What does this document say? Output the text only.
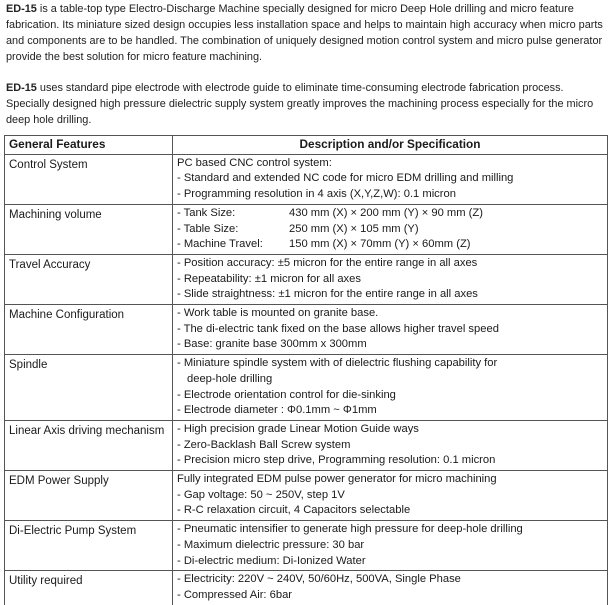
ED-15 is a table-top type Electro-Discharge Machine specially designed for micro Deep Hole drilling and micro feature fabrication. Its miniature sized design occupies less installation space and helps to maintain high accuracy when micro parts and components are to be handled. The combination of uniquely designed motion control system and micro pulse generator provide the best solution for micro feature machining.
ED-15 uses standard pipe electrode with electrode guide to eliminate time-consuming electrode fabrication process. Specially designed high pressure dielectric supply system greatly improves the machining process especially for the micro deep hole drilling.
General Features	Description and/or Specification
Control System	PC based CNC control system:
- Standard and extended NC code for micro EDM drilling and milling
- Programming resolution in 4 axis (X,Y,Z,W): 0.1 micron

Machining volume	- Tank Size: 430 mm (X) × 200 mm (Y) × 90 mm (Z)
- Table Size: 250 mm (X) × 105 mm (Y)
- Machine Travel: 150 mm (X) × 70mm (Y) × 60mm (Z)

Travel Accuracy	- Position accuracy: ±5 micron for the entire range in all axes
- Repeatability: ±1 micron for all axes
- Slide straightness: ±1 micron for the entire range in all axes

Machine Configuration	- Work table is mounted on granite base.
- The di-electric tank fixed on the base allows higher travel speed
- Base: granite base 300mm x 300mm

Spindle	- Miniature spindle system with of dielectric flushing capability for
deep-hole drilling
- Electrode orientation control for die-sinking
- Electrode diameter : Φ0.1mm ~ Φ1mm

Linear Axis driving mechanism	- High precision grade Linear Motion Guide ways
- Zero-Backlash Ball Screw system
- Precision micro step drive, Programming resolution: 0.1 micron

EDM Power Supply	Fully integrated EDM pulse power generator for micro machining
- Gap voltage: 50 ~ 250V, step 1V
- R-C relaxation circuit, 4 Capacitors selectable

Di-Electric Pump System	- Pneumatic intensifier to generate high pressure for deep-hole drilling
- Maximum dielectric pressure: 30 bar
- Di-electric medium: Di-Ionized Water

Utility required	- Electricity: 220V ~ 240V, 50/60Hz, 500VA, Single Phase
- Compressed Air: 6bar
